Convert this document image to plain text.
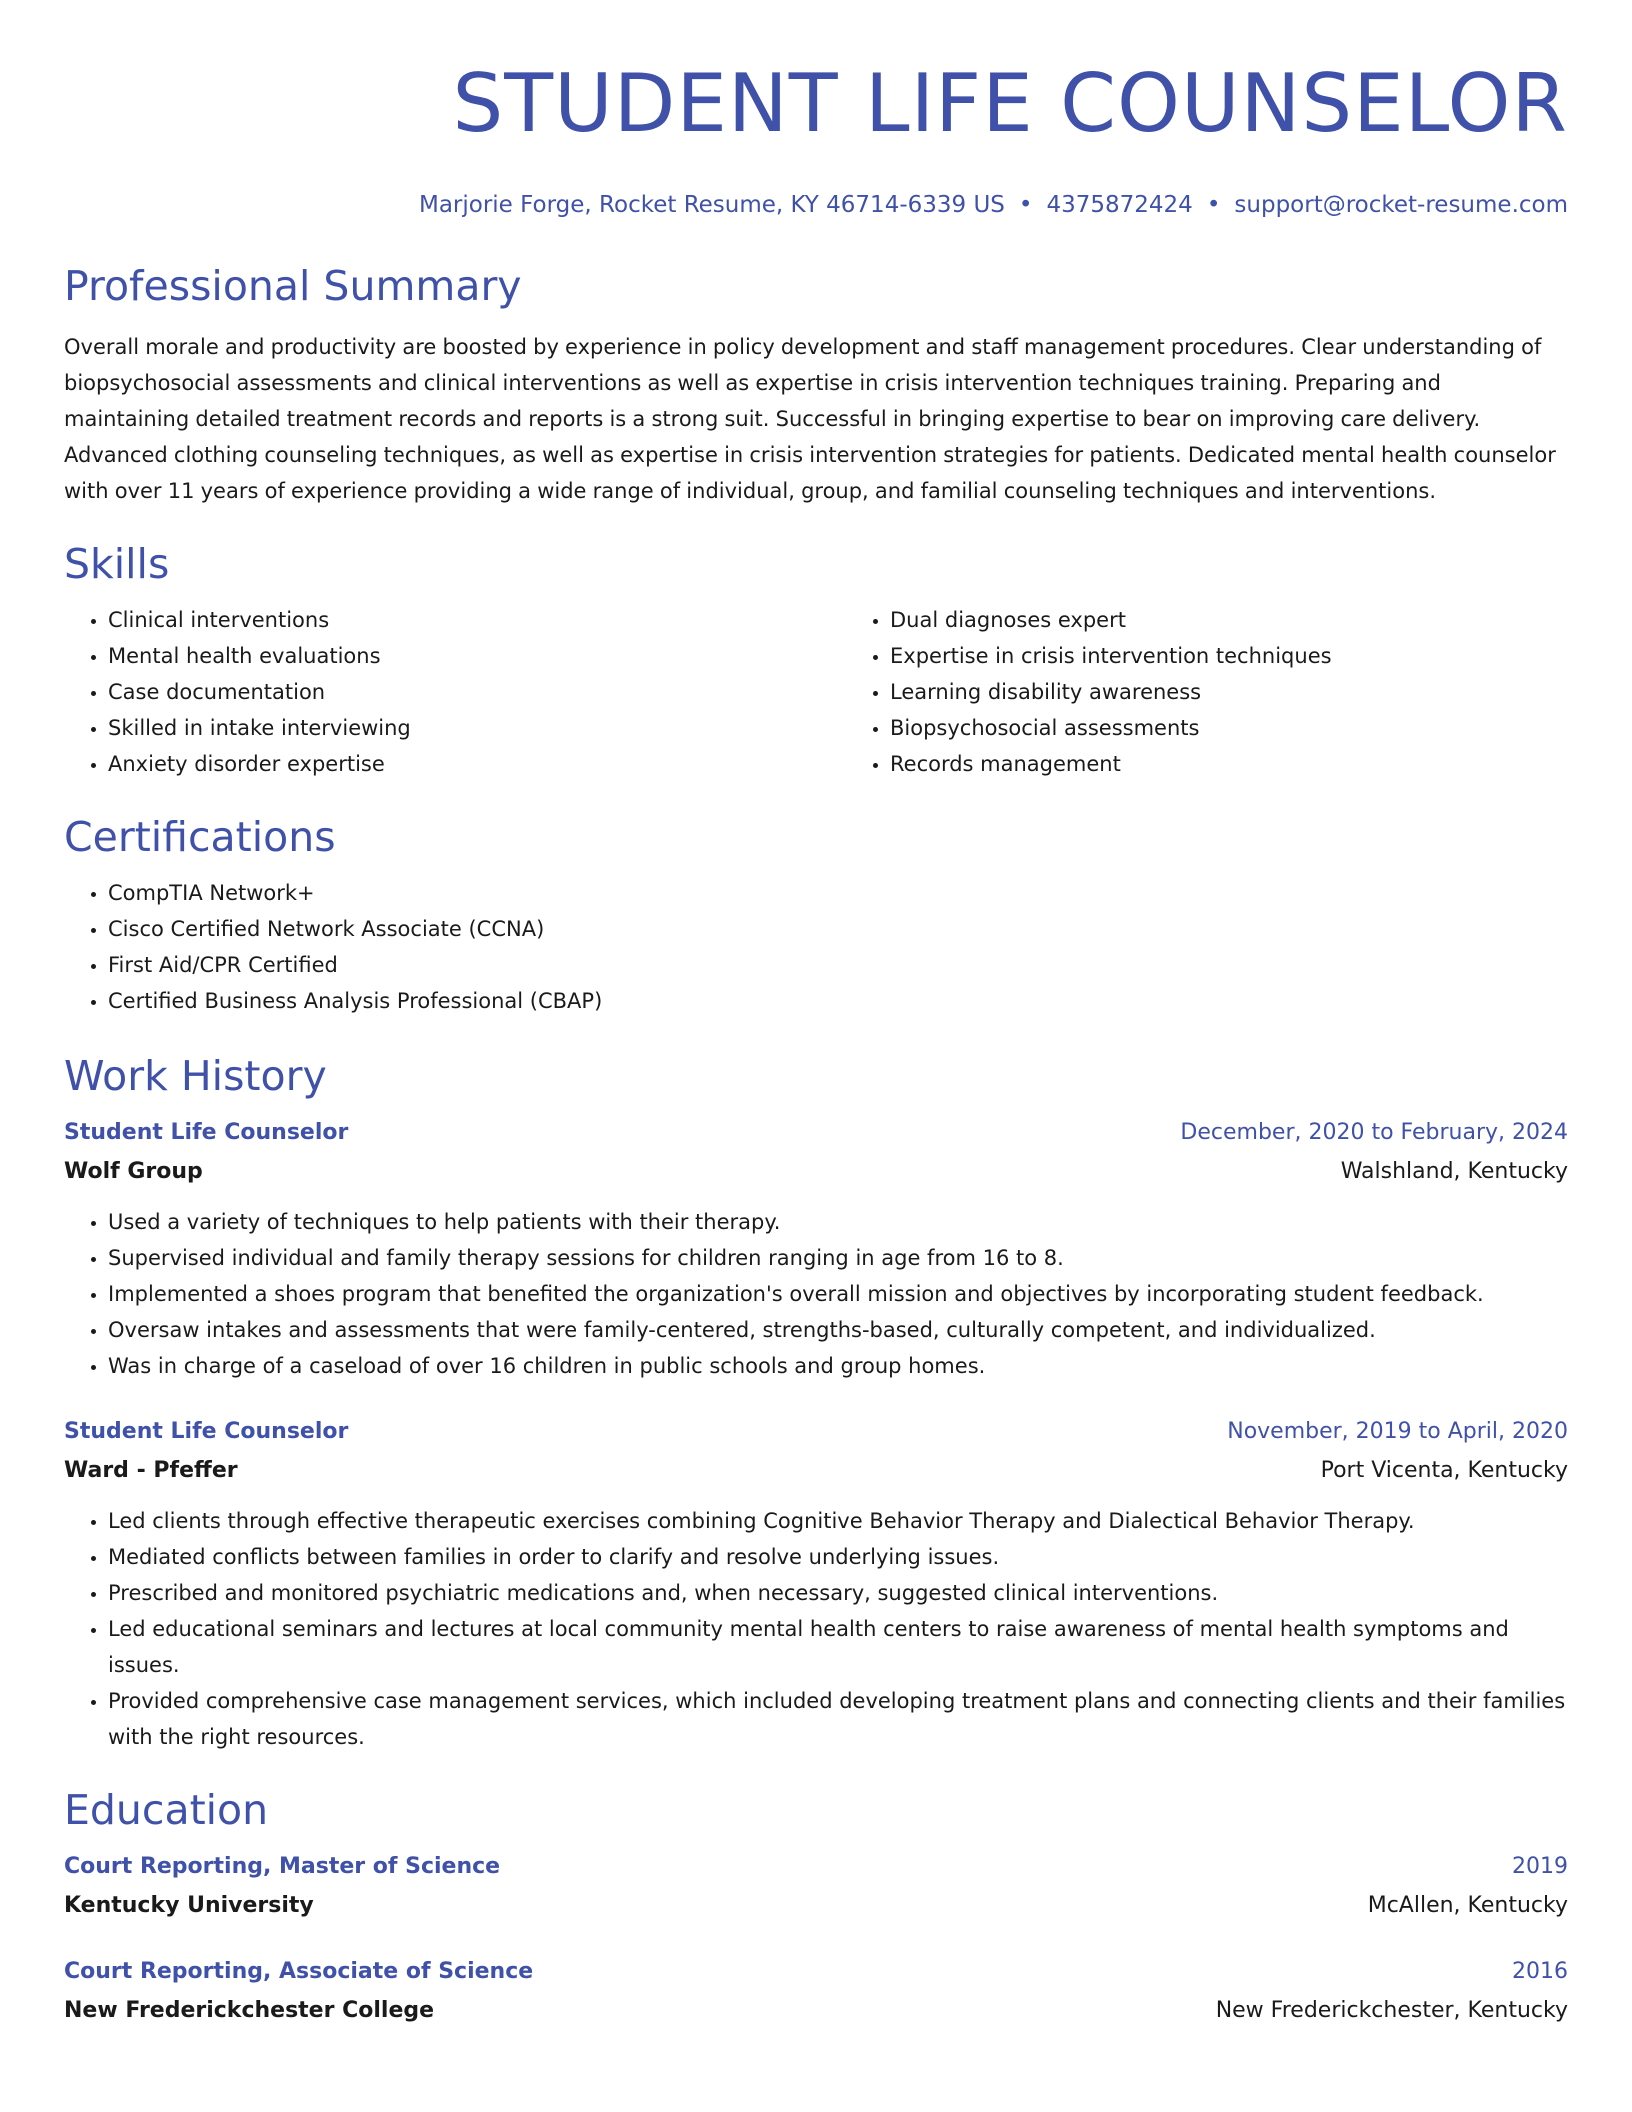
STUDENT LIFE COUNSELOR
Marjorie Forge, Rocket Resume, KY 46714-6339 US • 4375872424 • support@rocket-resume.com
Professional Summary

Overall morale and productivity are boosted by experience in policy development and staff management procedures. Clear understanding of biopsychosocial assessments and clinical interventions as well as expertise in crisis intervention techniques training. Preparing and maintaining detailed treatment records and reports is a strong suit. Successful in bringing expertise to bear on improving care delivery. Advanced clothing counseling techniques, as well as expertise in crisis intervention strategies for patients. Dedicated mental health counselor with over 11 years of experience providing a wide range of individual, group, and familial counseling techniques and interventions.

Skills
• Clinical interventions
• Mental health evaluations
• Case documentation
• Skilled in intake interviewing
• Anxiety disorder expertise
• Dual diagnoses expert
• Expertise in crisis intervention techniques
• Learning disability awareness
• Biopsychosocial assessments
• Records management
Certifications
• CompTIA Network+
• Cisco Certified Network Associate (CCNA)
• First Aid/CPR Certified
• Certified Business Analysis Professional (CBAP)
Work History
Student Life Counselor	December, 2020 to February, 2024
Wolf Group	Walshland, Kentucky
• Used a variety of techniques to help patients with their therapy.
• Supervised individual and family therapy sessions for children ranging in age from 16 to 8.
• Implemented a shoes program that benefited the organization's overall mission and objectives by incorporating student feedback.
• Oversaw intakes and assessments that were family-centered, strengths-based, culturally competent, and individualized.
• Was in charge of a caseload of over 16 children in public schools and group homes.
Student Life Counselor	November, 2019 to April, 2020
Ward - Pfeffer	Port Vicenta, Kentucky
• Led clients through effective therapeutic exercises combining Cognitive Behavior Therapy and Dialectical Behavior Therapy.
• Mediated conflicts between families in order to clarify and resolve underlying issues.
• Prescribed and monitored psychiatric medications and, when necessary, suggested clinical interventions.
• Led educational seminars and lectures at local community mental health centers to raise awareness of mental health symptoms and issues.
• Provided comprehensive case management services, which included developing treatment plans and connecting clients and their families with the right resources.
Education
Court Reporting, Master of Science	2019
Kentucky University	McAllen, Kentucky
Court Reporting, Associate of Science	2016
New Frederickchester College	New Frederickchester, Kentucky
